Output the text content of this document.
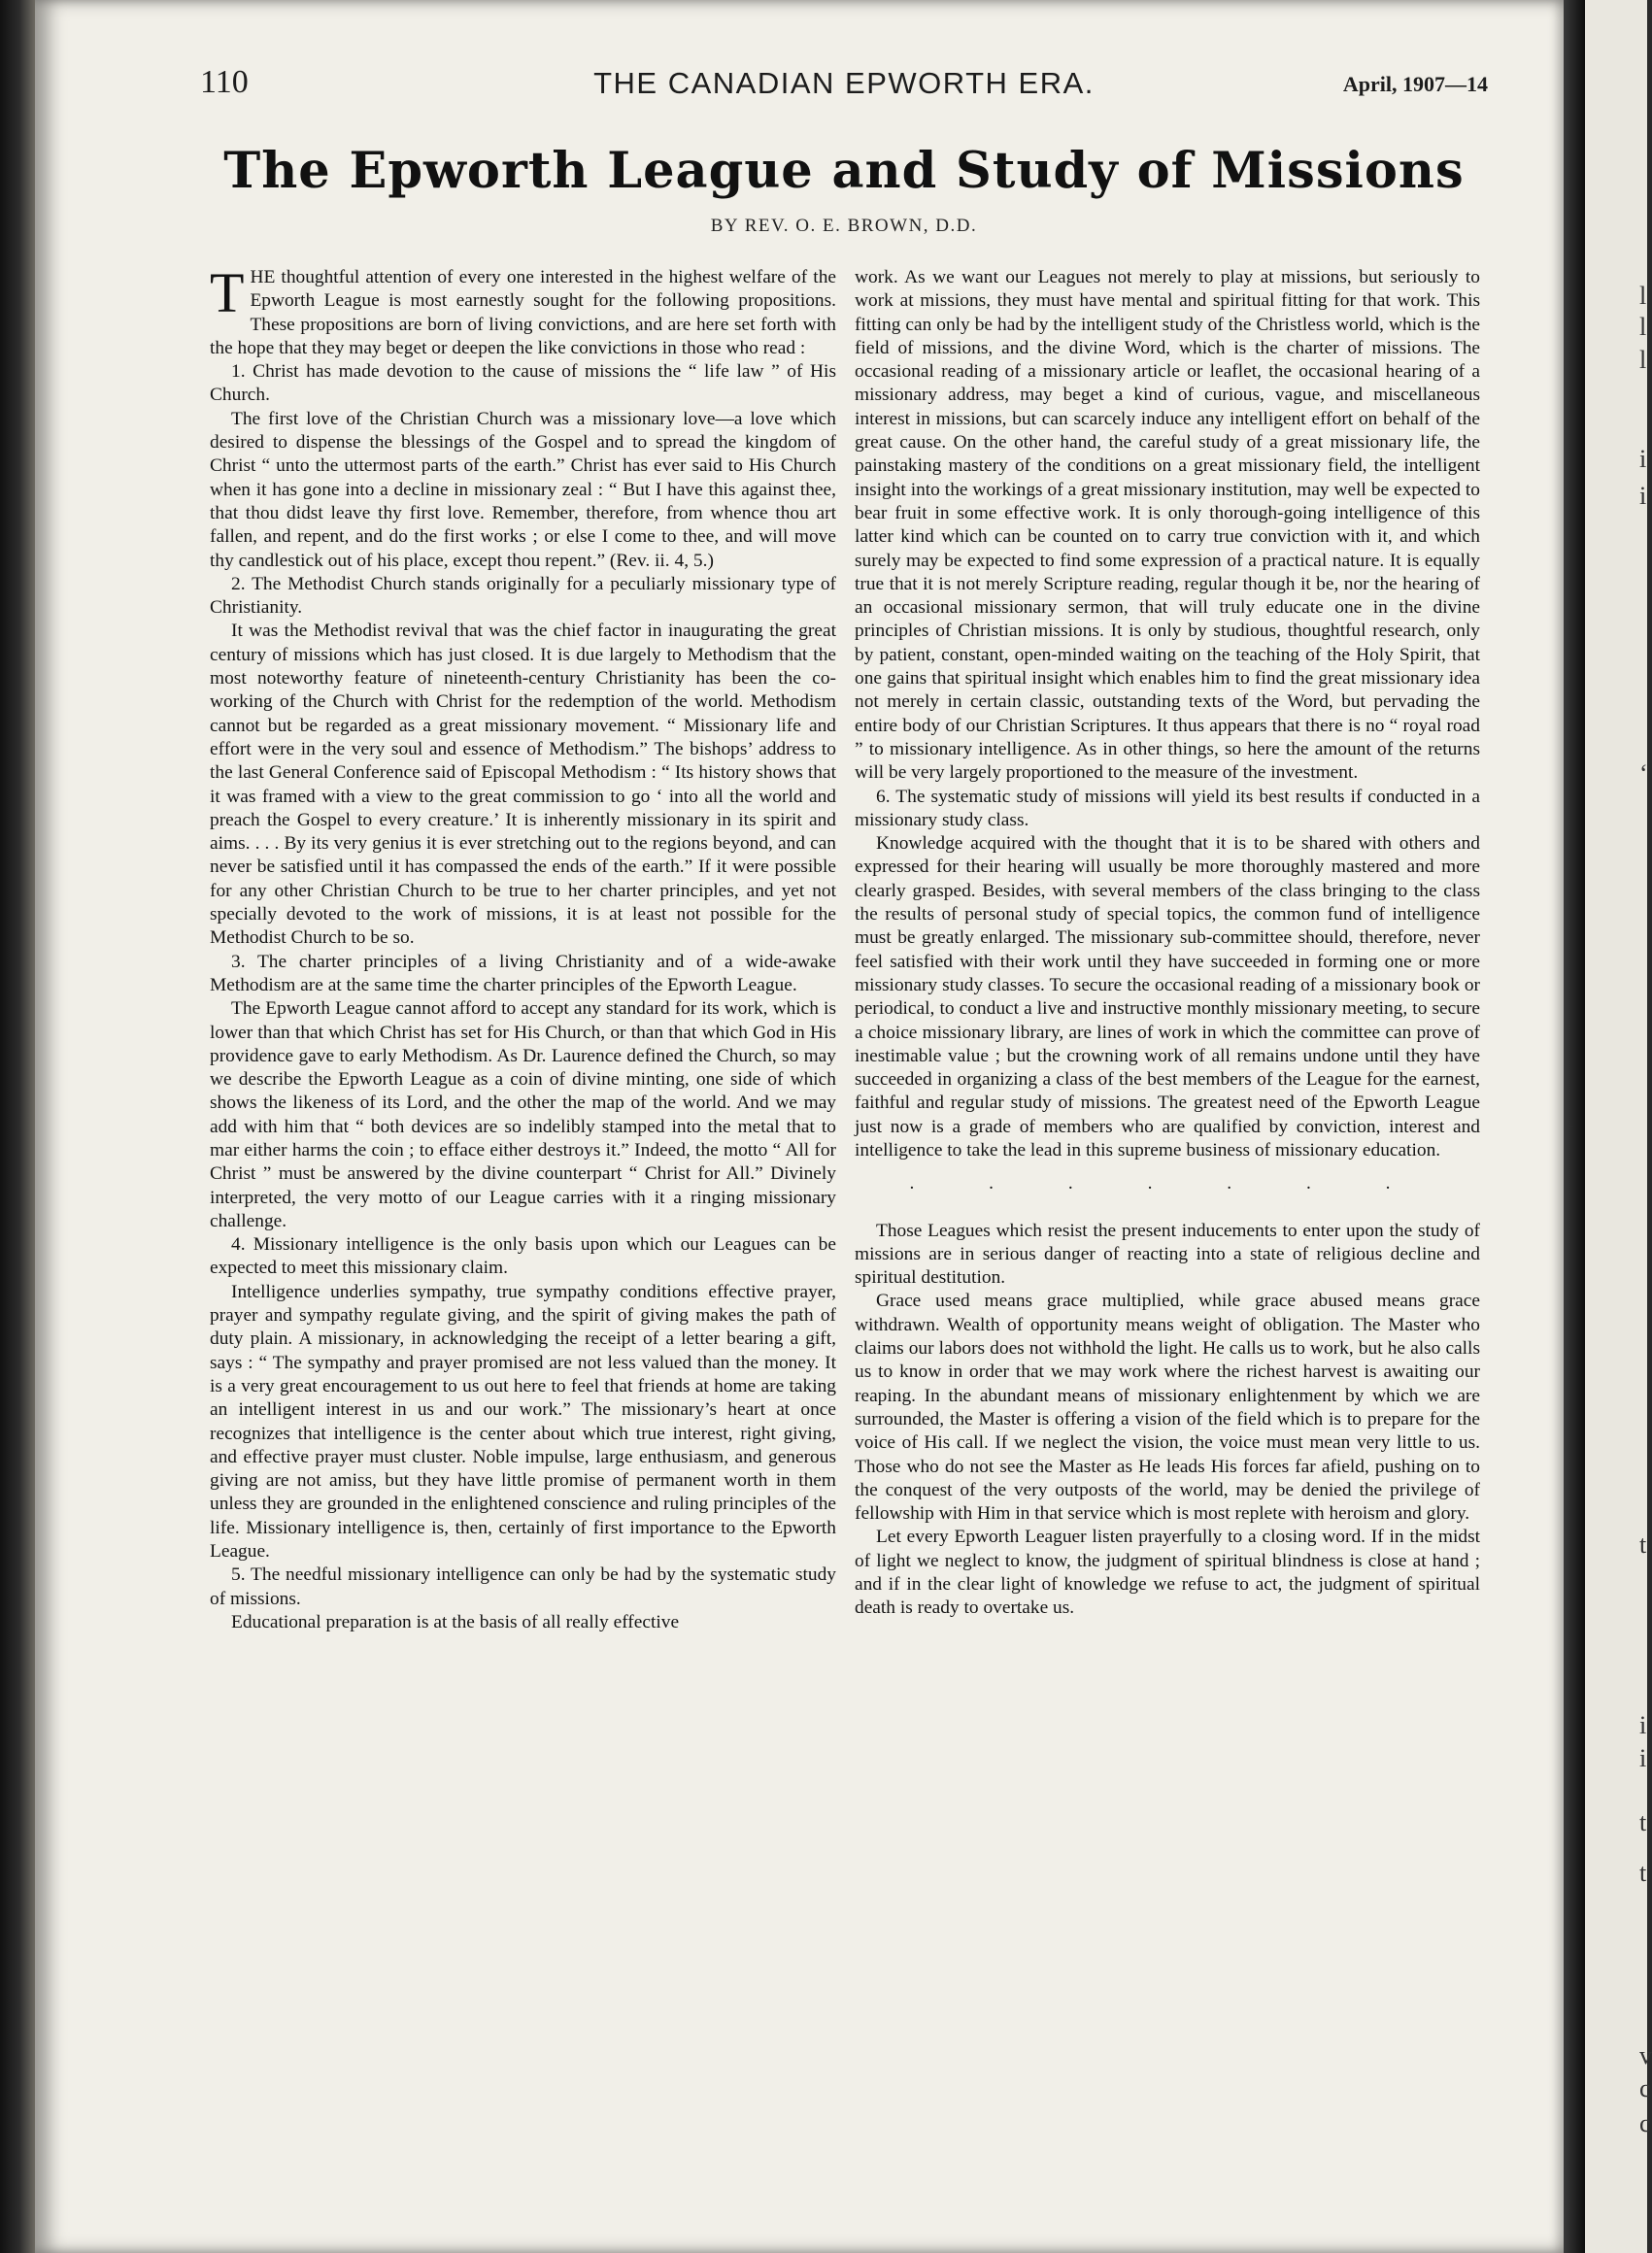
l
l
l
i
i
‘
t
i
i
t
t
v
c
c
110	THE CANADIAN EPWORTH ERA.	April, 1907—14
The Epworth League and Study of Missions
BY REV. O. E. BROWN, D.D.

THE thoughtful attention of every one interested in the highest welfare of the Epworth League is most earnestly sought for the following propositions. These propositions are born of living convictions, and are here set forth with the hope that they may beget or deepen the like convictions in those who read :

1. Christ has made devotion to the cause of missions the “ life law ” of His Church.

The first love of the Christian Church was a missionary love—a love which desired to dispense the blessings of the Gospel and to spread the kingdom of Christ “ unto the uttermost parts of the earth.” Christ has ever said to His Church when it has gone into a decline in missionary zeal : “ But I have this against thee, that thou didst leave thy first love. Remember, therefore, from whence thou art fallen, and repent, and do the first works ; or else I come to thee, and will move thy candlestick out of his place, except thou repent.” (Rev. ii. 4, 5.)

2. The Methodist Church stands originally for a peculiarly missionary type of Christianity.

It was the Methodist revival that was the chief factor in inaugurating the great century of missions which has just closed. It is due largely to Methodism that the most noteworthy feature of nineteenth-century Christianity has been the co-working of the Church with Christ for the redemption of the world. Methodism cannot but be regarded as a great missionary movement. “ Missionary life and effort were in the very soul and essence of Methodism.” The bishops’ address to the last General Conference said of Episcopal Methodism : “ Its history shows that it was framed with a view to the great commission to go ‘ into all the world and preach the Gospel to every creature.’ It is inherently missionary in its spirit and aims. . . . By its very genius it is ever stretching out to the regions beyond, and can never be satisfied until it has compassed the ends of the earth.” If it were possible for any other Christian Church to be true to her charter principles, and yet not specially devoted to the work of missions, it is at least not possible for the Methodist Church to be so.

3. The charter principles of a living Christianity and of a wide-awake Methodism are at the same time the charter principles of the Epworth League.

The Epworth League cannot afford to accept any standard for its work, which is lower than that which Christ has set for His Church, or than that which God in His providence gave to early Methodism. As Dr. Laurence defined the Church, so may we describe the Epworth League as a coin of divine minting, one side of which shows the likeness of its Lord, and the other the map of the world. And we may add with him that “ both devices are so indelibly stamped into the metal that to mar either harms the coin ; to efface either destroys it.” Indeed, the motto “ All for Christ ” must be answered by the divine counterpart “ Christ for All.” Divinely interpreted, the very motto of our League carries with it a ringing missionary challenge.

4. Missionary intelligence is the only basis upon which our Leagues can be expected to meet this missionary claim.

Intelligence underlies sympathy, true sympathy conditions effective prayer, prayer and sympathy regulate giving, and the spirit of giving makes the path of duty plain. A missionary, in acknowledging the receipt of a letter bearing a gift, says : “ The sympathy and prayer promised are not less valued than the money. It is a very great encouragement to us out here to feel that friends at home are taking an intelligent interest in us and our work.” The missionary’s heart at once recognizes that intelligence is the center about which true interest, right giving, and effective prayer must cluster. Noble impulse, large enthusiasm, and generous giving are not amiss, but they have little promise of permanent worth in them unless they are grounded in the enlightened conscience and ruling principles of the life. Missionary intelligence is, then, certainly of first importance to the Epworth League.

5. The needful missionary intelligence can only be had by the systematic study of missions.

Educational preparation is at the basis of all really effective

work. As we want our Leagues not merely to play at missions, but seriously to work at missions, they must have mental and spiritual fitting for that work. This fitting can only be had by the intelligent study of the Christless world, which is the field of missions, and the divine Word, which is the charter of missions. The occasional reading of a missionary article or leaflet, the occasional hearing of a missionary address, may beget a kind of curious, vague, and miscellaneous interest in missions, but can scarcely induce any intelligent effort on behalf of the great cause. On the other hand, the careful study of a great missionary life, the painstaking mastery of the conditions on a great missionary field, the intelligent insight into the workings of a great missionary institution, may well be expected to bear fruit in some effective work. It is only thorough-going intelligence of this latter kind which can be counted on to carry true conviction with it, and which surely may be expected to find some expression of a practical nature. It is equally true that it is not merely Scripture reading, regular though it be, nor the hearing of an occasional missionary sermon, that will truly educate one in the divine principles of Christian missions. It is only by studious, thoughtful research, only by patient, constant, open-minded waiting on the teaching of the Holy Spirit, that one gains that spiritual insight which enables him to find the great missionary idea not merely in certain classic, outstanding texts of the Word, but pervading the entire body of our Christian Scriptures. It thus appears that there is no “ royal road ” to missionary intelligence. As in other things, so here the amount of the returns will be very largely proportioned to the measure of the investment.

6. The systematic study of missions will yield its best results if conducted in a missionary study class.

Knowledge acquired with the thought that it is to be shared with others and expressed for their hearing will usually be more thoroughly mastered and more clearly grasped. Besides, with several members of the class bringing to the class the results of personal study of special topics, the common fund of intelligence must be greatly enlarged. The missionary sub-committee should, therefore, never feel satisfied with their work until they have succeeded in forming one or more missionary study classes. To secure the occasional reading of a missionary book or periodical, to conduct a live and instructive monthly missionary meeting, to secure a choice missionary library, are lines of work in which the committee can prove of inestimable value ; but the crowning work of all remains undone until they have succeeded in organizing a class of the best members of the League for the earnest, faithful and regular study of missions. The greatest need of the Epworth League just now is a grade of members who are qualified by conviction, interest and intelligence to take the lead in this supreme business of missionary education.

. . . . . . .

Those Leagues which resist the present inducements to enter upon the study of missions are in serious danger of reacting into a state of religious decline and spiritual destitution.

Grace used means grace multiplied, while grace abused means grace withdrawn. Wealth of opportunity means weight of obligation. The Master who claims our labors does not withhold the light. He calls us to work, but he also calls us to know in order that we may work where the richest harvest is awaiting our reaping. In the abundant means of missionary enlightenment by which we are surrounded, the Master is offering a vision of the field which is to prepare for the voice of His call. If we neglect the vision, the voice must mean very little to us. Those who do not see the Master as He leads His forces far afield, pushing on to the conquest of the very outposts of the world, may be denied the privilege of fellowship with Him in that service which is most replete with heroism and glory.

Let every Epworth Leaguer listen prayerfully to a closing word. If in the midst of light we neglect to know, the judgment of spiritual blindness is close at hand ; and if in the clear light of knowledge we refuse to act, the judgment of spiritual death is ready to overtake us.
